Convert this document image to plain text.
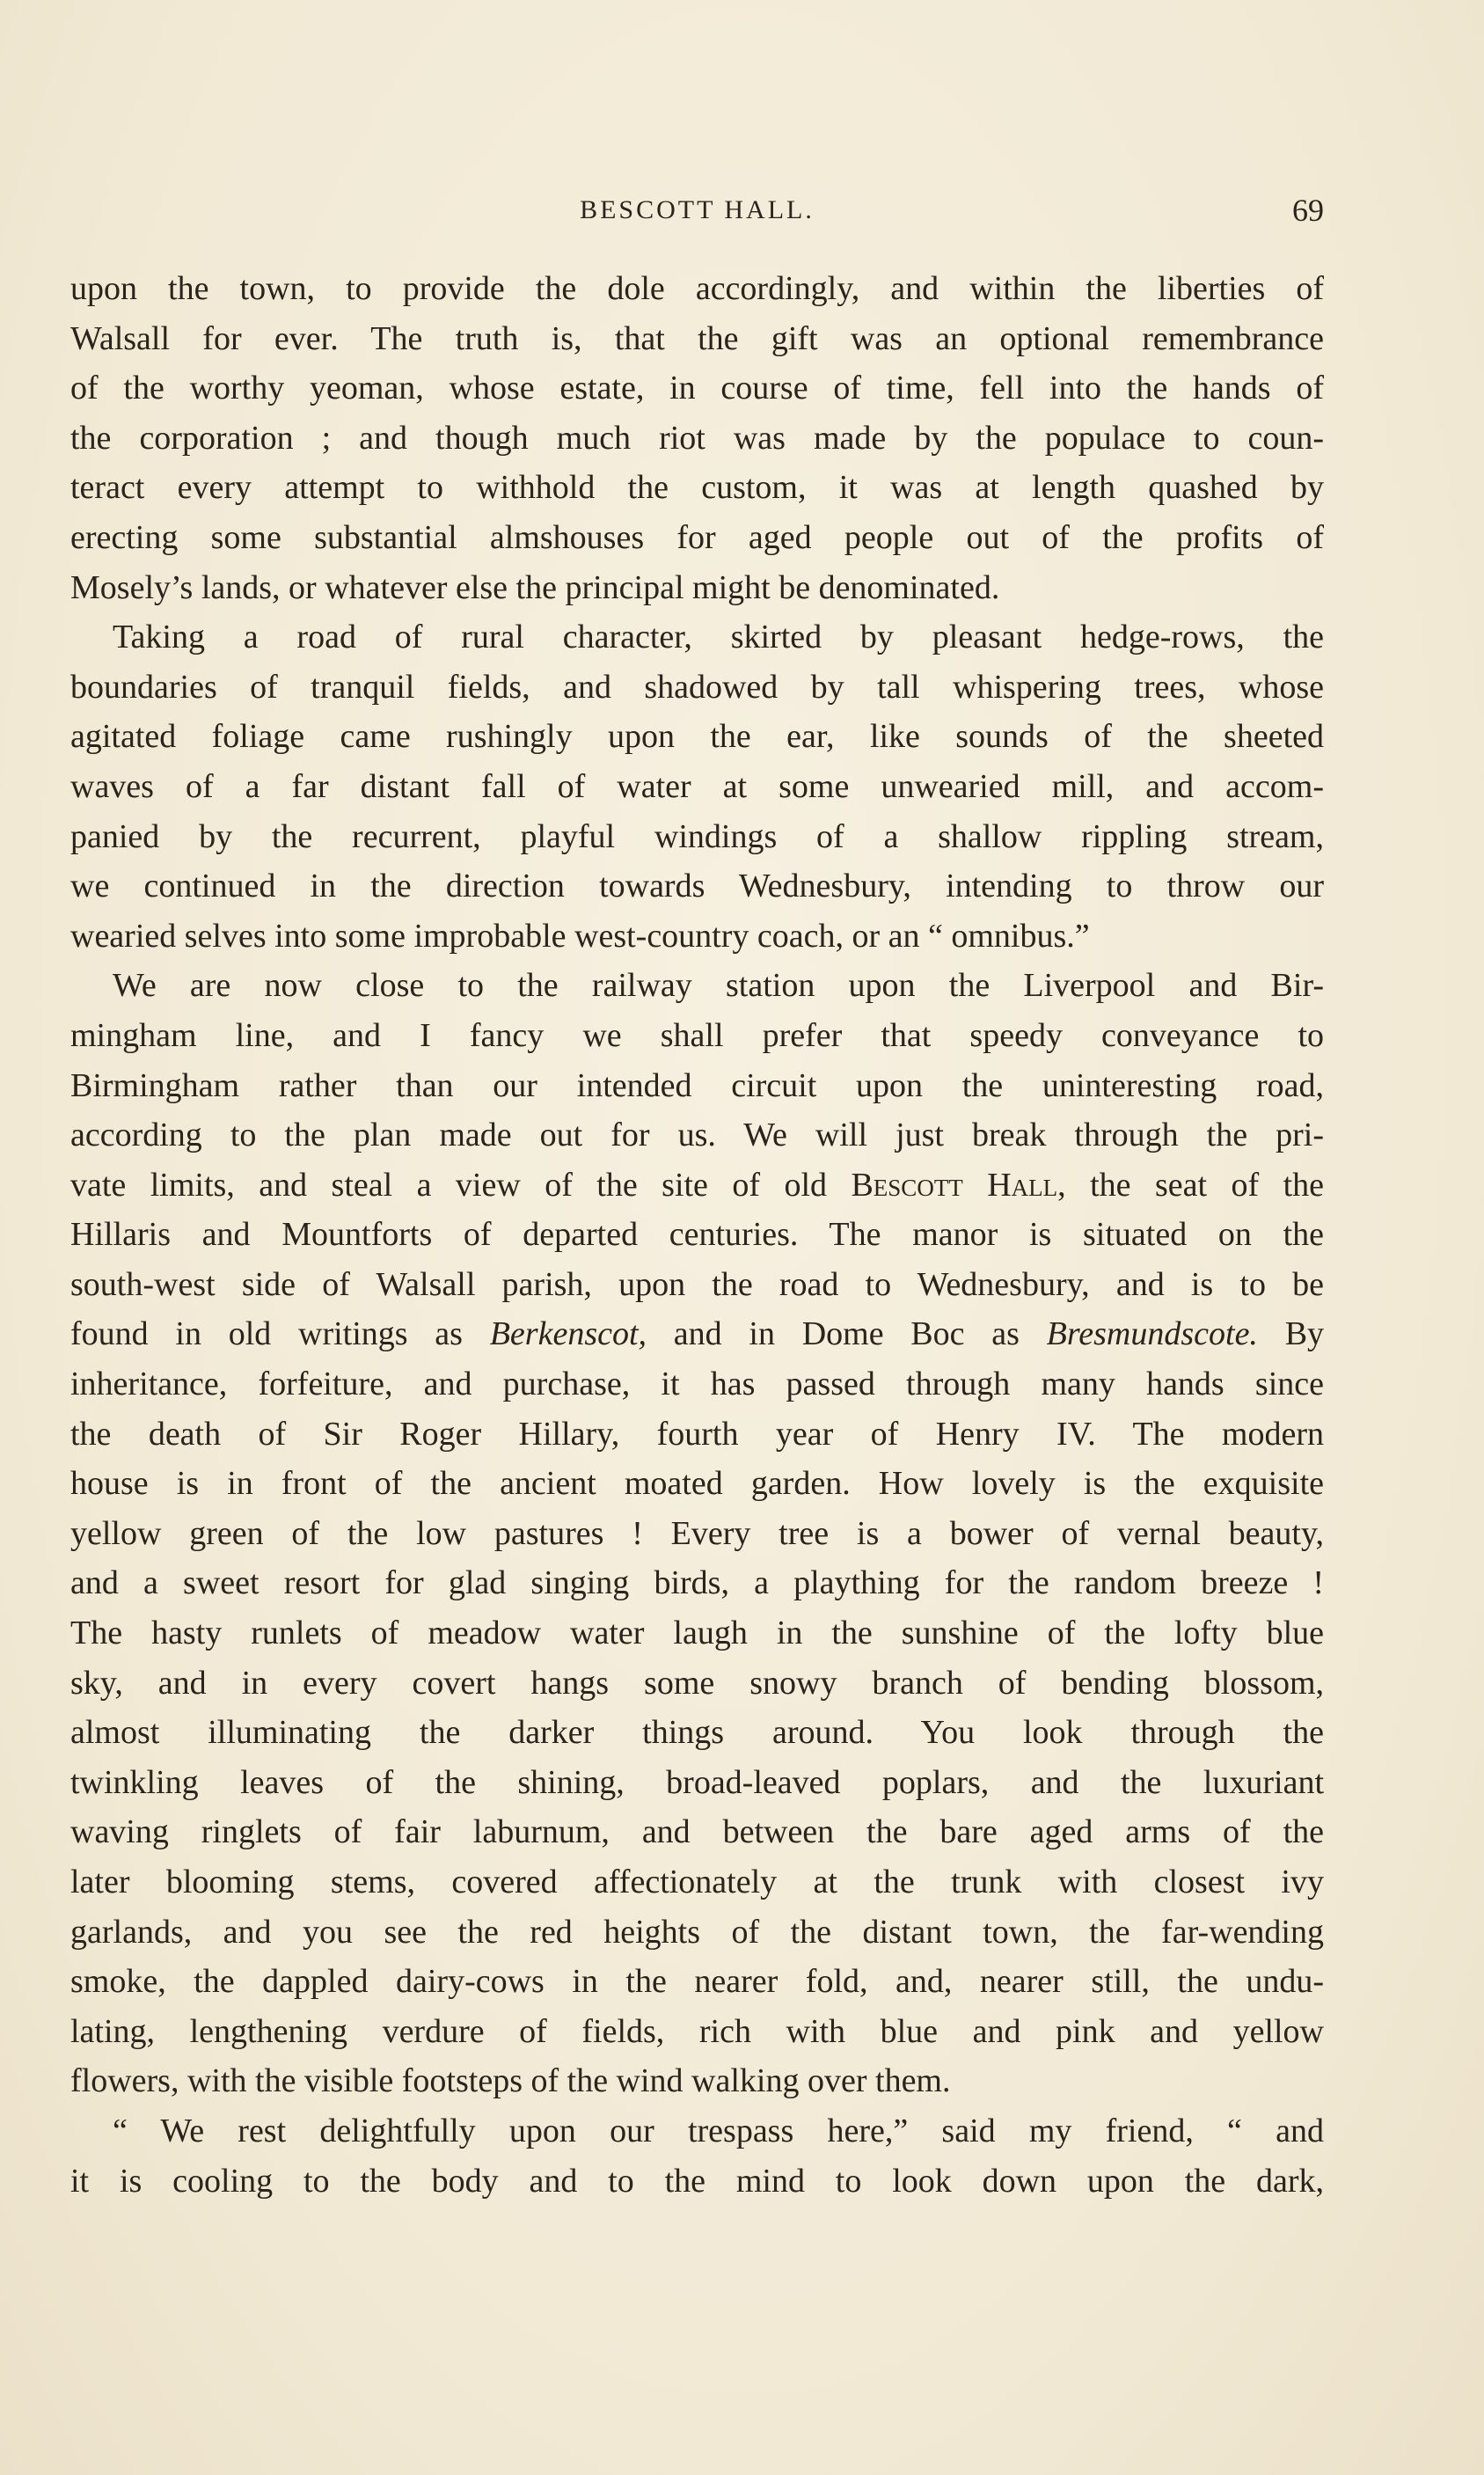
BESCOTT HALL.	69
upon the town, to provide the dole accordingly, and within the liberties of
Walsall for ever. The truth is, that the gift was an optional remembrance
of the worthy yeoman, whose estate, in course of time, fell into the hands of
the corporation ; and though much riot was made by the populace to coun-
teract every attempt to withhold the custom, it was at length quashed by
erecting some substantial almshouses for aged people out of the profits of
Mosely’s lands, or whatever else the principal might be denominated.
Taking a road of rural character, skirted by pleasant hedge-rows, the
boundaries of tranquil fields, and shadowed by tall whispering trees, whose
agitated foliage came rushingly upon the ear, like sounds of the sheeted
waves of a far distant fall of water at some unwearied mill, and accom-
panied by the recurrent, playful windings of a shallow rippling stream,
we continued in the direction towards Wednesbury, intending to throw our
wearied selves into some improbable west-country coach, or an “ omnibus.”
We are now close to the railway station upon the Liverpool and Bir-
mingham line, and I fancy we shall prefer that speedy conveyance to
Birmingham rather than our intended circuit upon the uninteresting road,
according to the plan made out for us. We will just break through the pri-
vate limits, and steal a view of the site of old Bescott Hall, the seat of the
Hillaris and Mountforts of departed centuries. The manor is situated on the
south-west side of Walsall parish, upon the road to Wednesbury, and is to be
found in old writings as Berkenscot, and in Dome Boc as Bresmundscote. By
inheritance, forfeiture, and purchase, it has passed through many hands since
the death of Sir Roger Hillary, fourth year of Henry IV. The modern
house is in front of the ancient moated garden. How lovely is the exquisite
yellow green of the low pastures ! Every tree is a bower of vernal beauty,
and a sweet resort for glad singing birds, a plaything for the random breeze !
The hasty runlets of meadow water laugh in the sunshine of the lofty blue
sky, and in every covert hangs some snowy branch of bending blossom,
almost illuminating the darker things around. You look through the
twinkling leaves of the shining, broad-leaved poplars, and the luxuriant
waving ringlets of fair laburnum, and between the bare aged arms of the
later blooming stems, covered affectionately at the trunk with closest ivy
garlands, and you see the red heights of the distant town, the far-wending
smoke, the dappled dairy-cows in the nearer fold, and, nearer still, the undu-
lating, lengthening verdure of fields, rich with blue and pink and yellow
flowers, with the visible footsteps of the wind walking over them.
“ We rest delightfully upon our trespass here,” said my friend, “ and
it is cooling to the body and to the mind to look down upon the dark,
